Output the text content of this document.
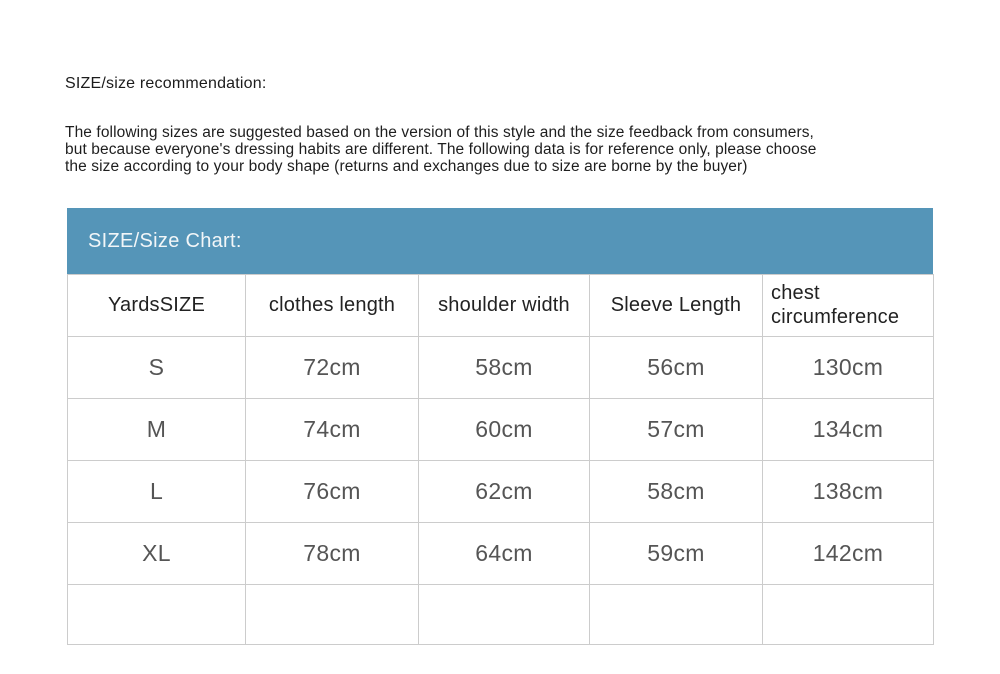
SIZE/size recommendation:
The following sizes are suggested based on the version of this style and the size feedback from consumers,
but because everyone's dressing habits are different. The following data is for reference only, please choose
the size according to your body shape (returns and exchanges due to size are borne by the buyer)
SIZE/Size Chart:
YardsSIZE	clothes length	shoulder width	Sleeve Length	chest circumference
S	72cm	58cm	56cm	130cm
M	74cm	60cm	57cm	134cm
L	76cm	62cm	58cm	138cm
XL	78cm	64cm	59cm	142cm
